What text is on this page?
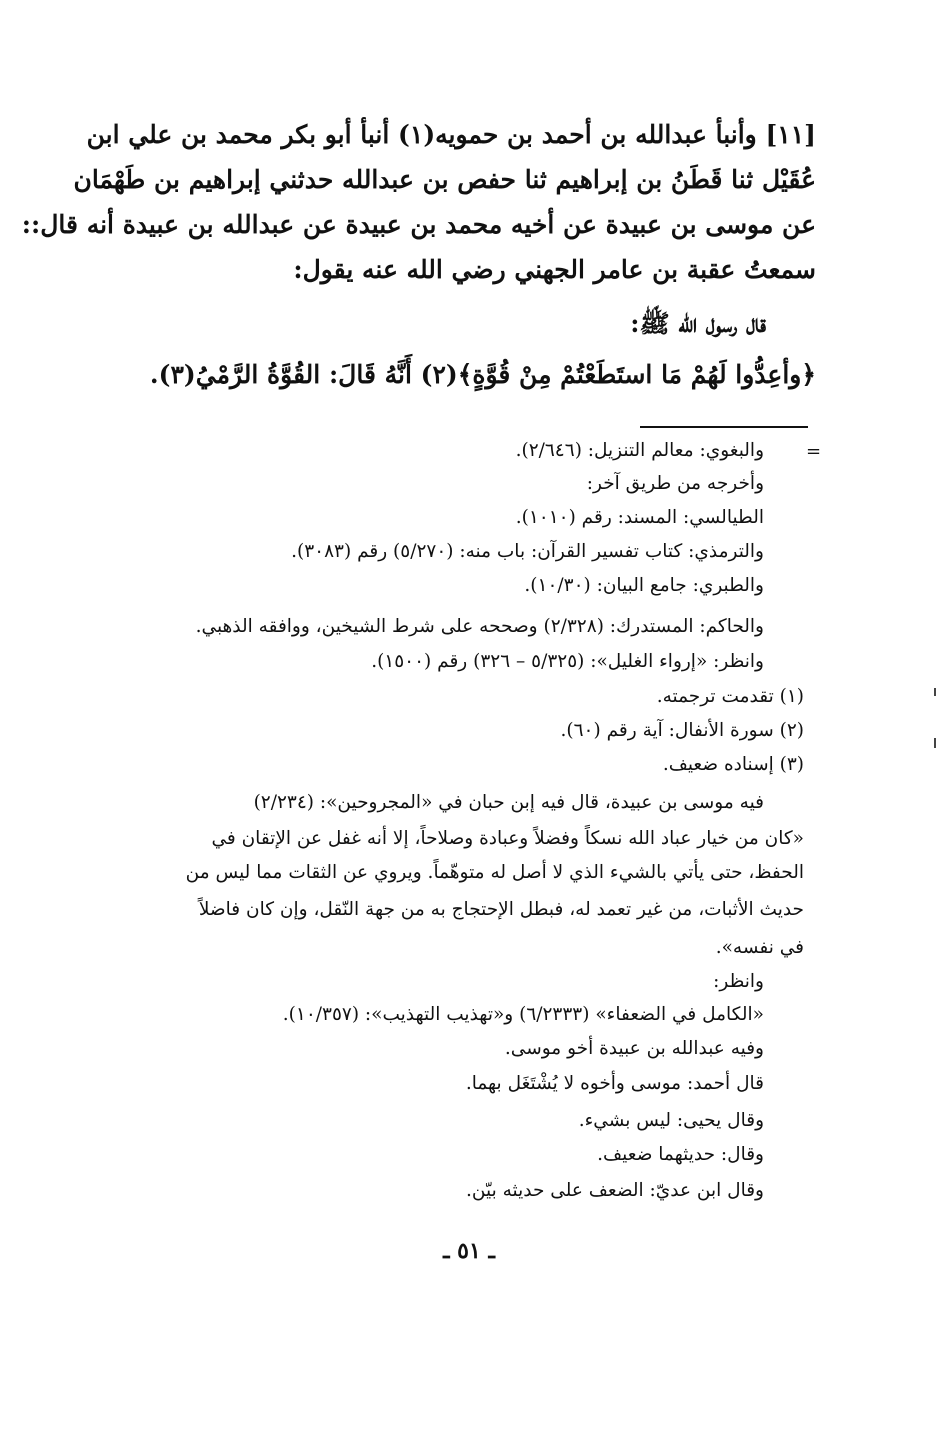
[١١] وأنبأ عبدالله بن أحمد بن حمويه(١) أنبأ أبو بكر محمد بن علي ابن
عُقَيْل ثنا قَطَنُ بن إبراهيم ثنا حفص بن عبدالله حدثني إبراهيم بن طَهْمَان
عن موسى بن عبيدة عن أخيه محمد بن عبيدة عن عبدالله بن عبيدة أنه قال::
سمعتُ عقبة بن عامر الجهني رضي الله عنه يقول:
قال رسول الله ﷺ:
﴿وأعِدُّوا لَهُمْ مَا استَطَعْتُمْ مِنْ قُوَّةٍ﴾(٢) أَنَّهُ قَالَ: القُوَّةُ الرَّمْيُ(٣).
=
والبغوي: معالم التنزيل: (٢/٦٤٦).
وأخرجه من طريق آخر:
الطيالسي: المسند: رقم (١٠١٠).
والترمذي: كتاب تفسير القرآن: باب منه: (٥/٢٧٠) رقم (٣٠٨٣).
والطبري: جامع البيان: (١٠/٣٠).
والحاكم: المستدرك: (٢/٣٢٨) وصححه على شرط الشيخين، ووافقه الذهبي.
وانظر: «إرواء الغليل»: (٥/٣٢٥ – ٣٢٦) رقم (١٥٠٠).
(١) تقدمت ترجمته.
(٢) سورة الأنفال: آية رقم (٦٠).
(٣) إسناده ضعيف.
فيه موسى بن عبيدة، قال فيه إبن حبان في «المجروحين»: (٢/٢٣٤)
«كان من خيار عباد الله نسكاً وفضلاً وعبادة وصلاحاً، إلا أنه غفل عن الإتقان في
الحفظ، حتى يأتي بالشيء الذي لا أصل له متوهّماً. ويروي عن الثقات مما ليس من
حديث الأثبات، من غير تعمد له، فبطل الإحتجاج به من جهة النّقل، وإن كان فاضلاً
في نفسه».
وانظر:
«الكامل في الضعفاء» (٦/٢٣٣٣) و«تهذيب التهذيب»: (١٠/٣٥٧).
وفيه عبدالله بن عبيدة أخو موسى.
قال أحمد: موسى وأخوه لا يُشْتَغَل بهما.
وقال يحيى: ليس بشيء.
وقال: حديثهما ضعيف.
وقال ابن عديّ: الضعف على حديثه بيّن.
ـ ٥١ ـ
